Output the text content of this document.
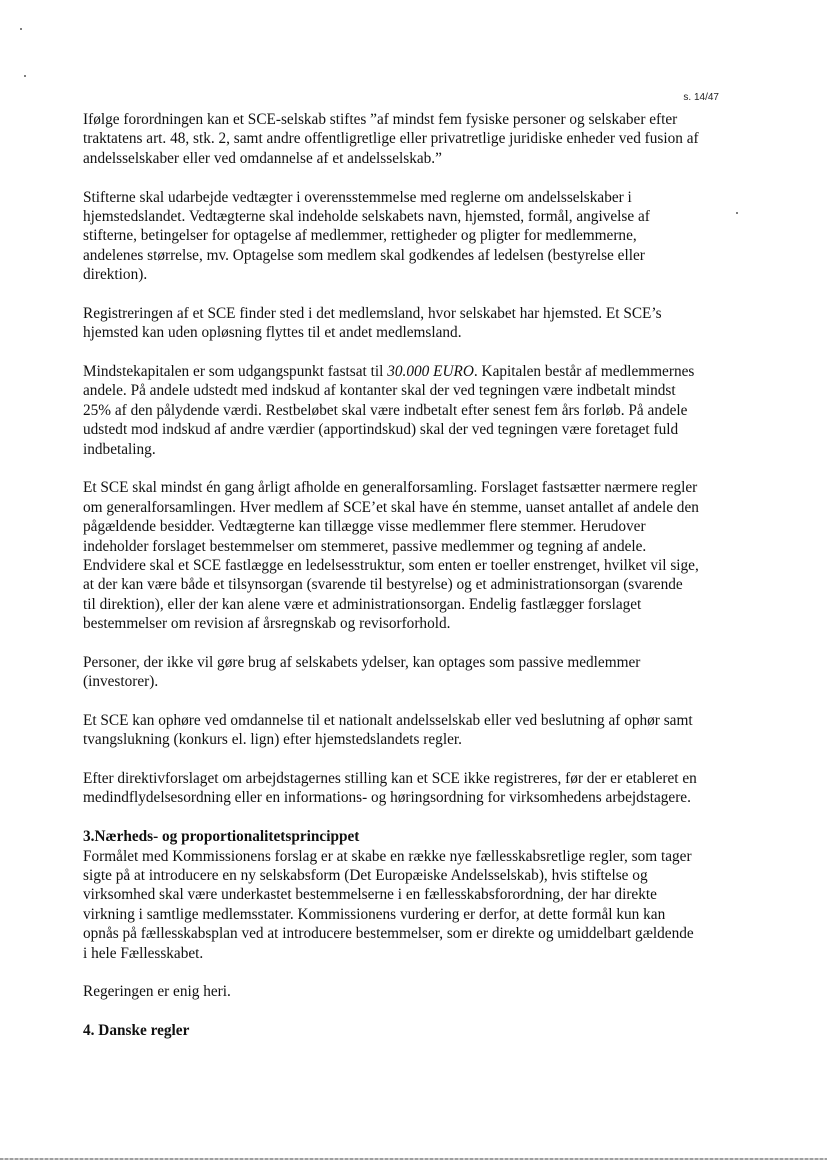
s. 14/47

Ifølge forordningen kan et SCE-selskab stiftes ”af mindst fem fysiske personer og selskaber efter traktatens art. 48, stk. 2, samt andre offentligretlige eller privatretlige juridiske enheder ved fusion af andelsselskaber eller ved omdannelse af et andelsselskab.”

Stifterne skal udarbejde vedtægter i overensstemmelse med reglerne om andelsselskaber i hjemstedslandet. Vedtægterne skal indeholde selskabets navn, hjemsted, formål, angivelse af stifterne, betingelser for optagelse af medlemmer, rettigheder og pligter for medlemmerne, andelenes størrelse, mv. Optagelse som medlem skal godkendes af ledelsen (bestyrelse eller direktion).

Registreringen af et SCE finder sted i det medlemsland, hvor selskabet har hjemsted. Et SCE’s hjemsted kan uden opløsning flyttes til et andet medlemsland.

Mindstekapitalen er som udgangspunkt fastsat til 30.000 EURO. Kapitalen består af medlemmernes andele. På andele udstedt med indskud af kontanter skal der ved tegningen være indbetalt mindst 25% af den pålydende værdi. Restbeløbet skal være indbetalt efter senest fem års forløb. På andele udstedt mod indskud af andre værdier (apportindskud) skal der ved tegningen være foretaget fuld indbetaling.

Et SCE skal mindst én gang årligt afholde en generalforsamling. Forslaget fastsætter nærmere regler om generalforsamlingen. Hver medlem af SCE’et skal have én stemme, uanset antallet af andele den pågældende besidder. Vedtægterne kan tillægge visse medlemmer flere stemmer. Herudover indeholder forslaget bestemmelser om stemmeret, passive medlemmer og tegning af andele. Endvidere skal et SCE fastlægge en ledelsesstruktur, som enten er toeller enstrenget, hvilket vil sige, at der kan være både et tilsynsorgan (svarende til bestyrelse) og et administrationsorgan (svarende til direktion), eller der kan alene være et administrationsorgan. Endelig fastlægger forslaget bestemmelser om revision af årsregnskab og revisorforhold.

Personer, der ikke vil gøre brug af selskabets ydelser, kan optages som passive medlemmer (investorer).

Et SCE kan ophøre ved omdannelse til et nationalt andelsselskab eller ved beslutning af ophør samt tvangslukning (konkurs el. lign) efter hjemstedslandets regler.

Efter direktivforslaget om arbejdstagernes stilling kan et SCE ikke registreres, før der er etableret en medindflydelsesordning eller en informations- og høringsordning for virksomhedens arbejdstagere.

3.Nærheds- og proportionalitetsprincippet

Formålet med Kommissionens forslag er at skabe en række nye fællesskabsretlige regler, som tager sigte på at introducere en ny selskabsform (Det Europæiske Andelsselskab), hvis stiftelse og virksomhed skal være underkastet bestemmelserne i en fællesskabsforordning, der har direkte virkning i samtlige medlemsstater. Kommissionens vurdering er derfor, at dette formål kun kan opnås på fællesskabsplan ved at introducere bestemmelser, som er direkte og umiddelbart gældende i hele Fællesskabet.

Regeringen er enig heri.

4. Danske regler
